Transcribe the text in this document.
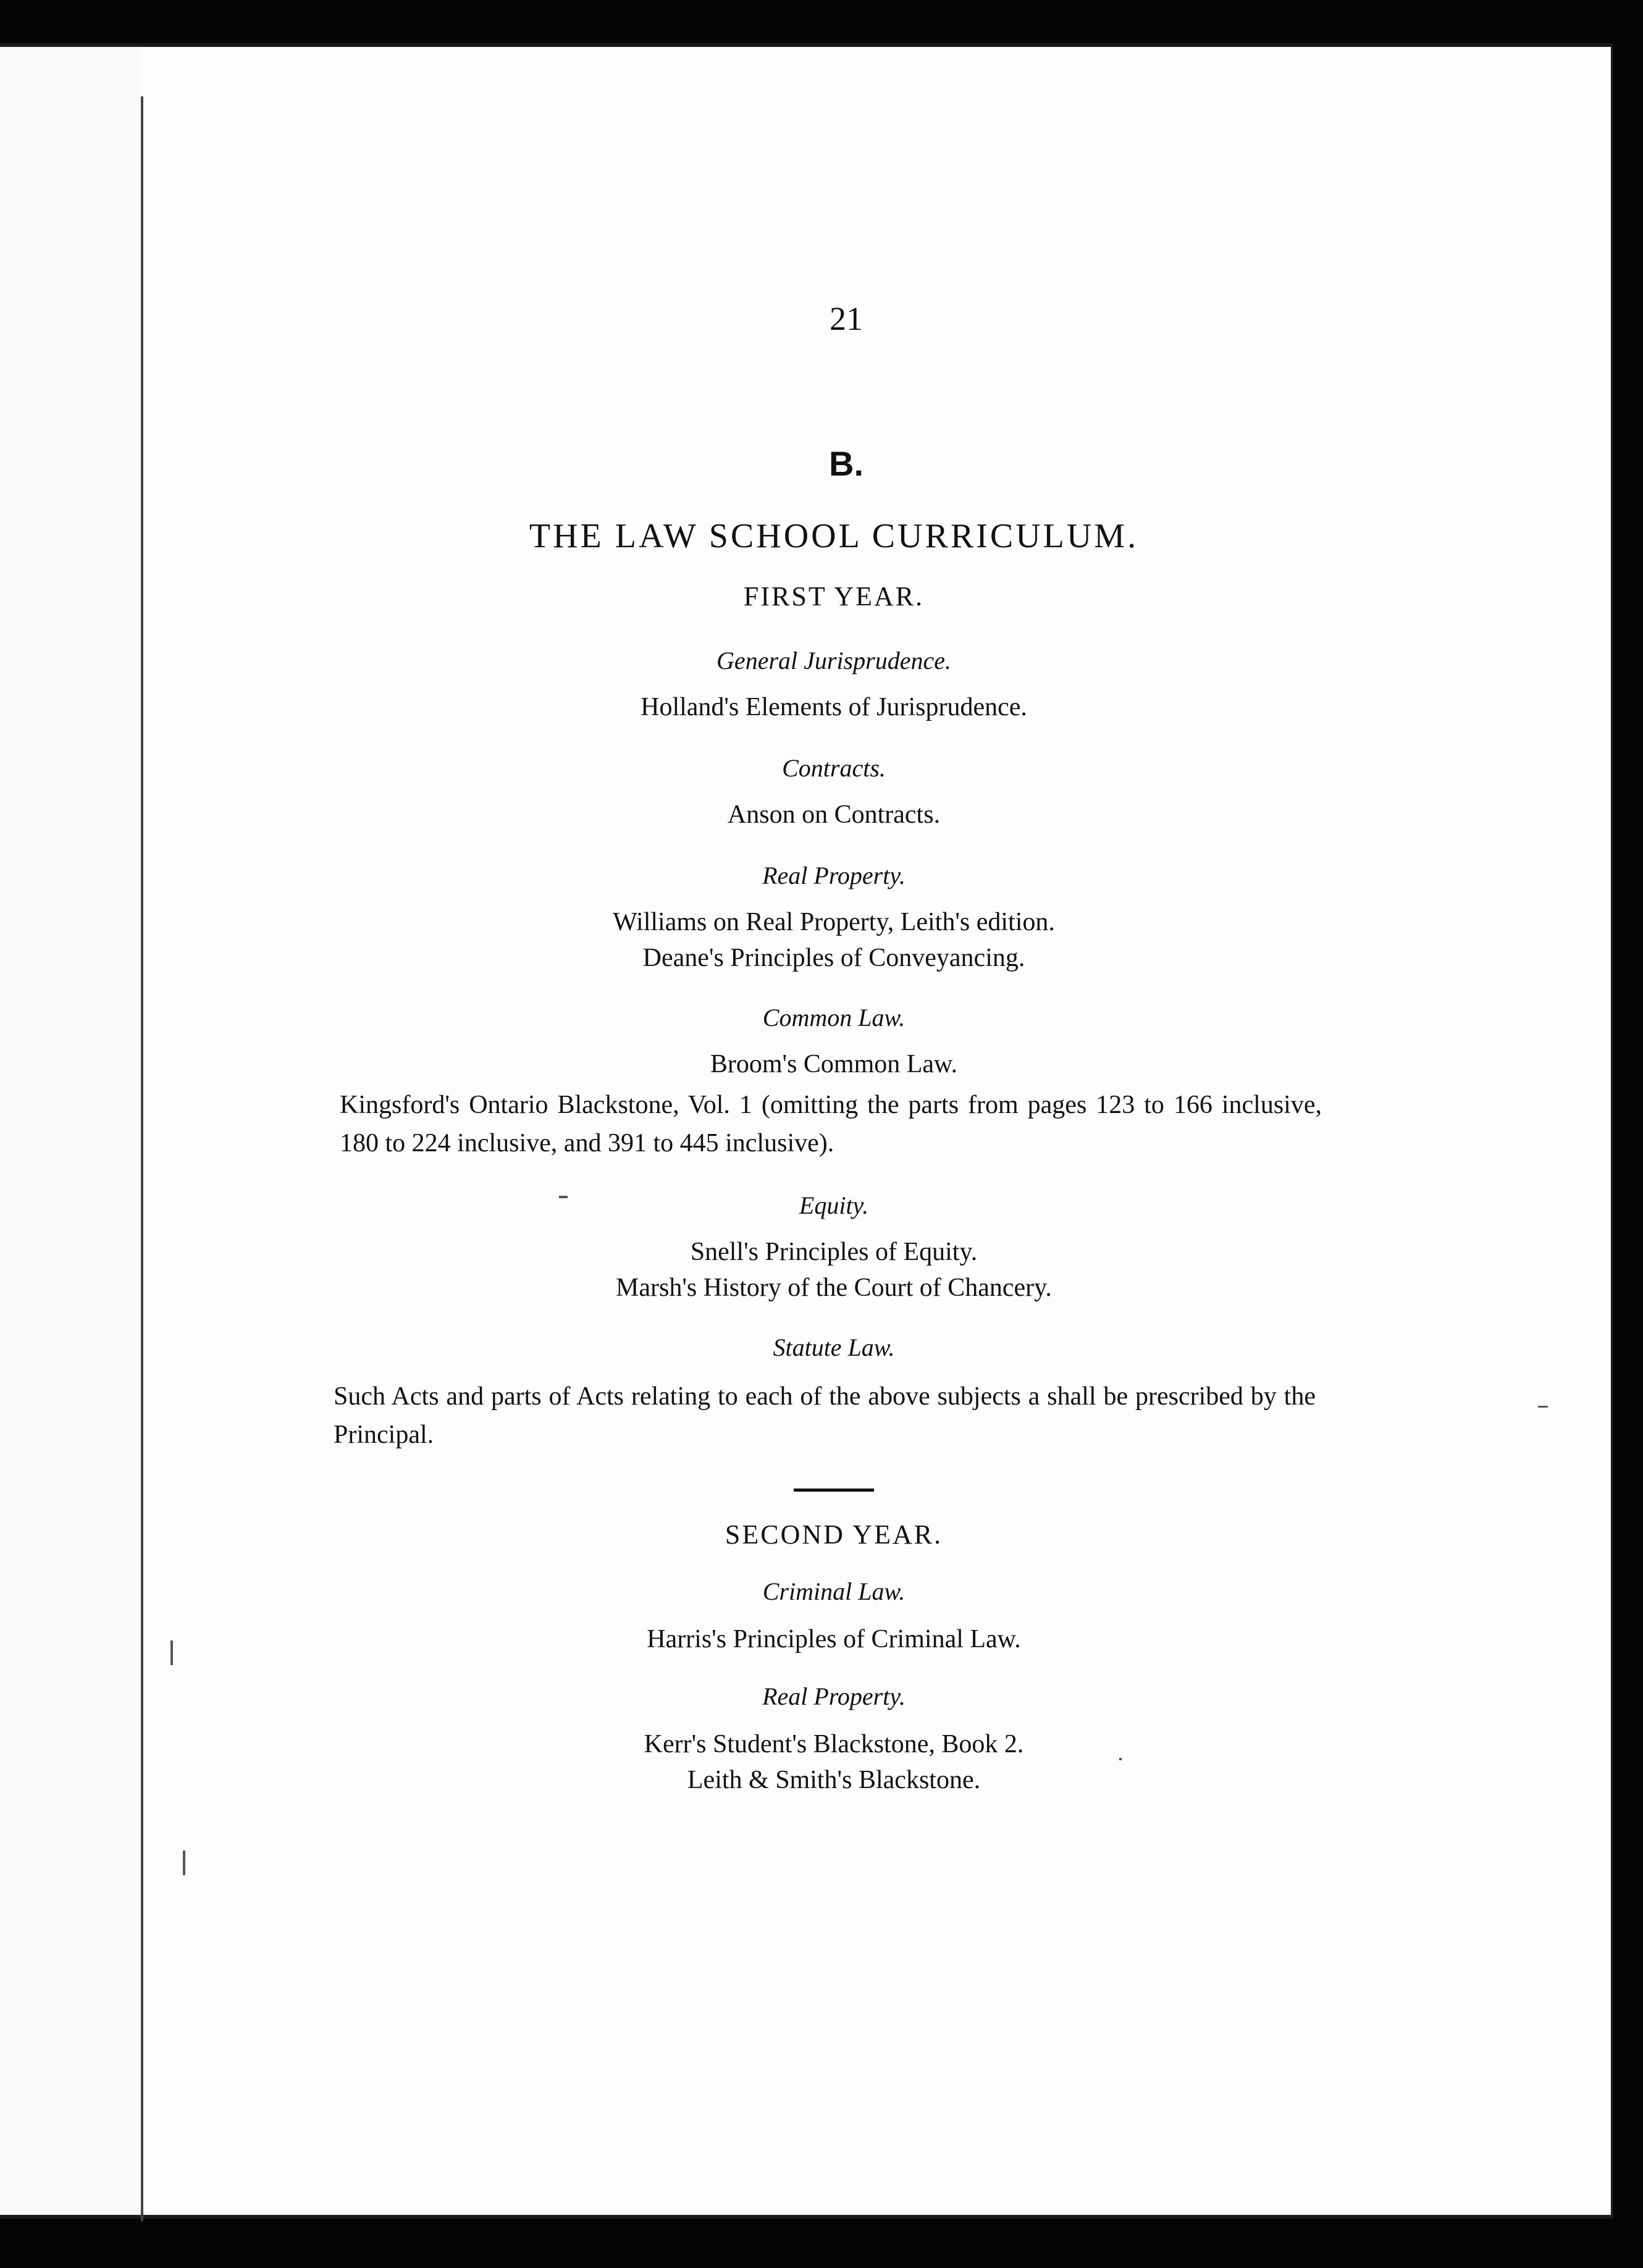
21
B.
THE LAW SCHOOL CURRICULUM.
FIRST YEAR.
General Jurisprudence.
Holland's Elements of Jurisprudence.
Contracts.
Anson on Contracts.
Real Property.
Williams on Real Property, Leith's edition.
Deane's Principles of Conveyancing.
Common Law.
Broom's Common Law.
Kingsford's Ontario Blackstone, Vol. 1 (omitting the parts from pages 123 to 166 inclusive, 180 to 224 inclusive, and 391 to 445 inclusive).
Equity.
Snell's Principles of Equity.
Marsh's History of the Court of Chancery.
Statute Law.
Such Acts and parts of Acts relating to each of the above subjects a shall be prescribed by the Principal.
SECOND YEAR.
Criminal Law.
Harris's Principles of Criminal Law.
Real Property.
Kerr's Student's Blackstone, Book 2.
Leith & Smith's Blackstone.
